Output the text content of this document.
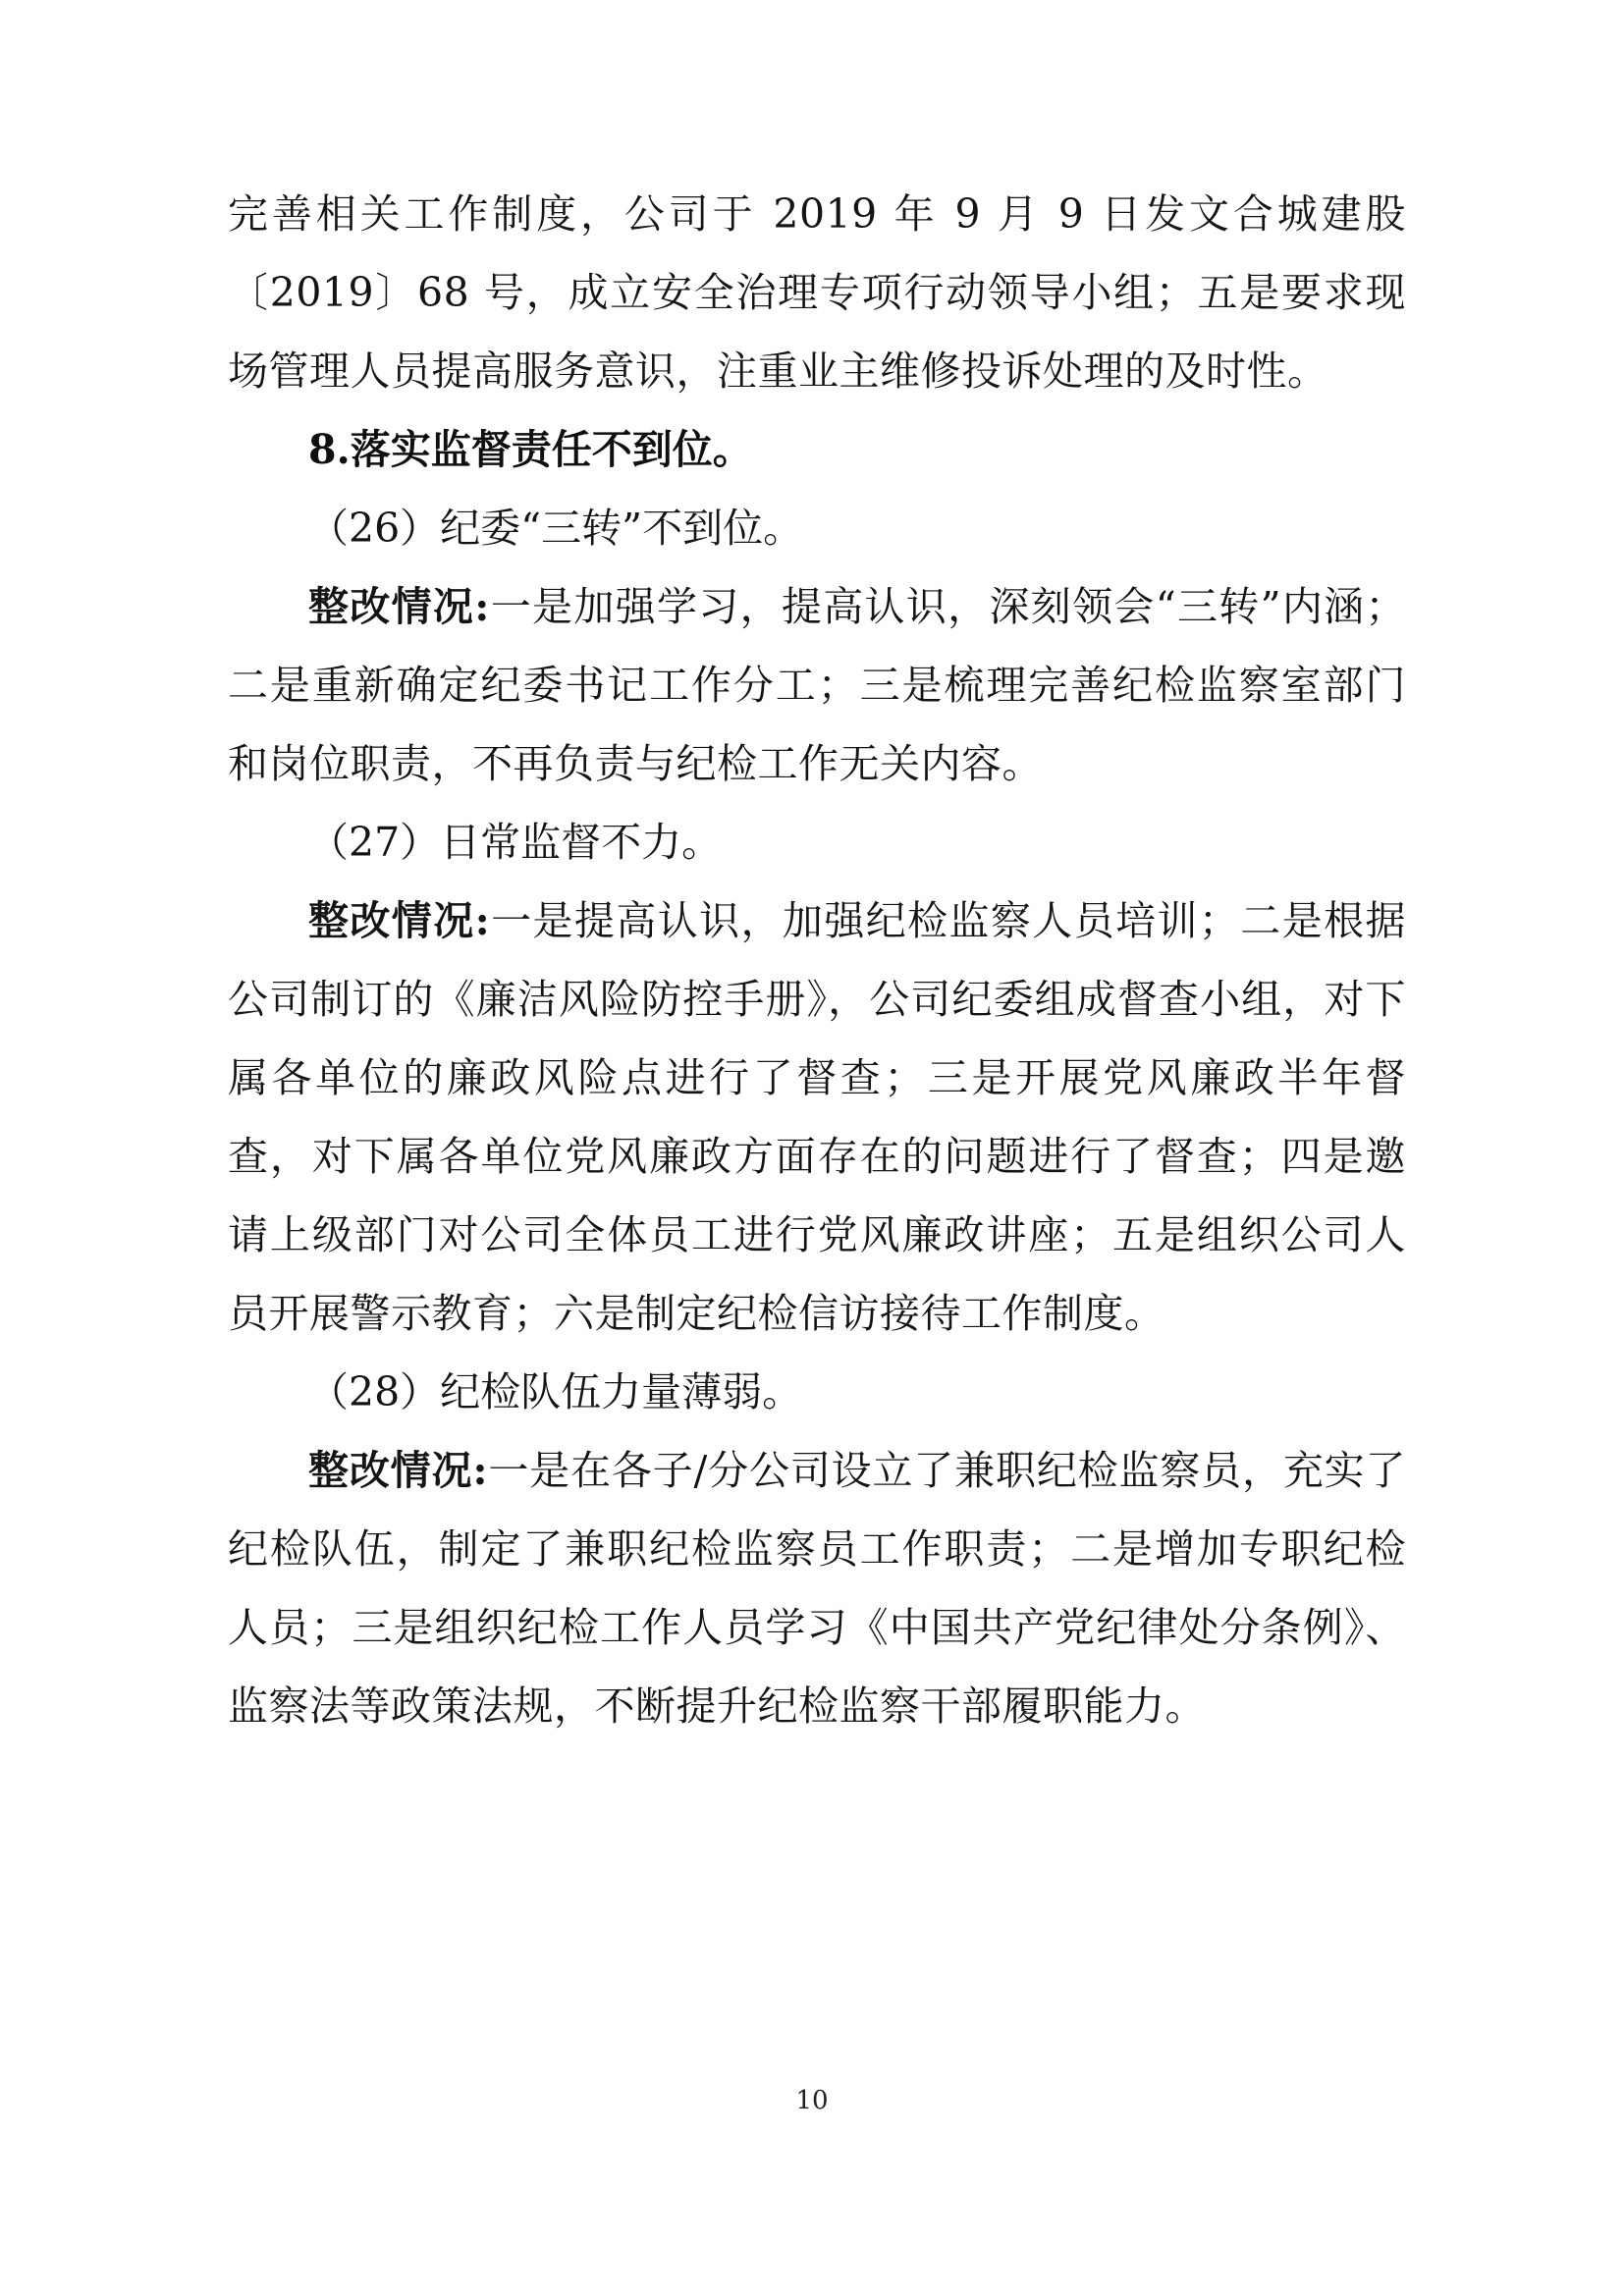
完善相关工作制度，公司于 2019 年 9 月 9 日发文合城建股〔2019〕68 号，成立安全治理专项行动领导小组；五是要求现场管理人员提高服务意识，注重业主维修投诉处理的及时性。

8.落实监督责任不到位。

（26）纪委“三转”不到位。

整改情况:一是加强学习，提高认识，深刻领会“三转”内涵；二是重新确定纪委书记工作分工；三是梳理完善纪检监察室部门和岗位职责，不再负责与纪检工作无关内容。

（27）日常监督不力。

整改情况:一是提高认识，加强纪检监察人员培训；二是根据公司制订的《廉洁风险防控手册》，公司纪委组成督查小组，对下属各单位的廉政风险点进行了督查；三是开展党风廉政半年督查，对下属各单位党风廉政方面存在的问题进行了督查；四是邀请上级部门对公司全体员工进行党风廉政讲座；五是组织公司人员开展警示教育；六是制定纪检信访接待工作制度。

（28）纪检队伍力量薄弱。

整改情况:一是在各子/分公司设立了兼职纪检监察员，充实了纪检队伍，制定了兼职纪检监察员工作职责；二是增加专职纪检人员；三是组织纪检工作人员学习《中国共产党纪律处分条例》、监察法等政策法规，不断提升纪检监察干部履职能力。

10
